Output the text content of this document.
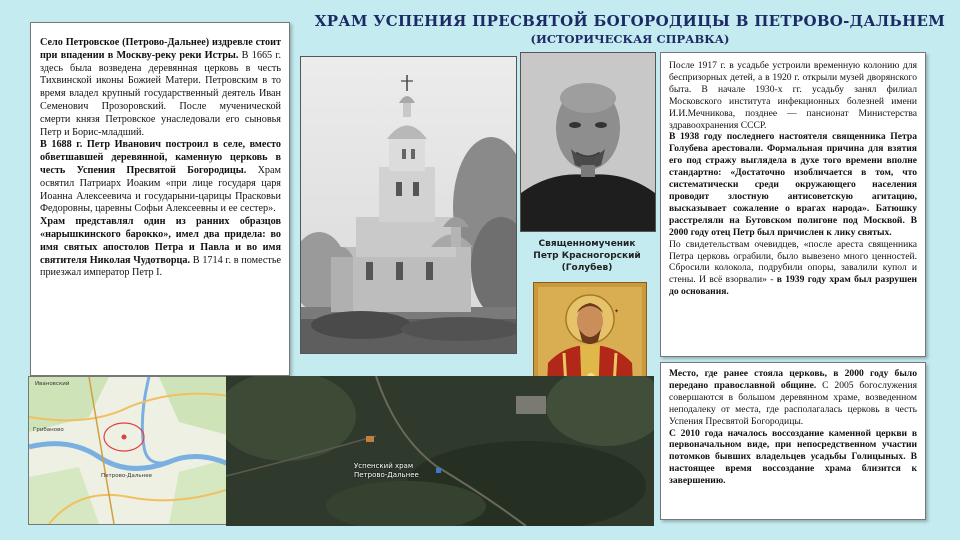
ХРАМ УСПЕНИЯ ПРЕСВЯТОЙ БОГОРОДИЦЫ В ПЕТРОВО-ДАЛЬНЕМ
(ИСТОРИЧЕСКАЯ СПРАВКА)

Село Петровское (Петрово-Дальнее) издревле стоит при впадении в Москву-реку реки Истры. В 1665 г. здесь была возведена деревянная церковь в честь Тихвинской иконы Божией Матери. Петровским в то время владел крупный государственный деятель Иван Семенович Прозоровский. После мученической смерти князя Петровское унаследовали его сыновья Петр и Борис-младший.

В 1688 г. Петр Иванович построил в селе, вместо обветшавшей деревянной, каменную церковь в честь Успения Пресвятой Богородицы. Храм освятил Патриарх Иоаким «при лице государя царя Иоанна Алексеевича и государыни-царицы Прасковьи Федоровны, царевны Софьи Алексеевны и ее сестер».

Храм представлял один из ранних образцов «нарышкинского барокко», имел два придела: во имя святых апостолов Петра и Павла и во имя святителя Николая Чудотворца. В 1714 г. в поместье приезжал император Петр I.

Священномученик
Петр Красногорский
(Голубев)
✦

После 1917 г. в усадьбе устроили временную колонию для беспризорных детей, а в 1920 г. открыли музей дворянского быта. В начале 1930-х гг. усадьбу занял филиал Московского института инфекционных болезней имени И.И.Мечникова, позднее — пансионат Министерства здравоохранения СССР.

В 1938 году последнего настоятеля священника Петра Голубева арестовали. Формальная причина для взятия его под стражу выглядела в духе того времени вполне стандартно: «Достаточно изобличается в том, что систематически среди окружающего населения проводит злостную антисоветскую агитацию, высказывает сожаление о врагах народа». Батюшку расстреляли на Бутовском полигоне под Москвой. В 2000 году отец Петр был причислен к лику святых.

По свидетельствам очевидцев, «после ареста священника Петра церковь ограбили, было вывезено много ценностей. Сбросили колокола, подрубили опоры, завалили купол и стены. И всё взорвали» - в 1939 году храм был разрушен до основания.

Место, где ранее стояла церковь, в 2000 году было передано православной общине. С 2005 богослужения совершаются в большом деревянном храме, возведенном неподалеку от места, где располагалась церковь в честь Успения Пресвятой Богородицы.

С 2010 года началось воссоздание каменной церкви в первоначальном виде, при непосредственном участии потомков бывших владельцев усадьбы Голицыных. В настоящее время воссоздание храма близится к завершению.

Ивановский
Петрово-Дальнее
Грибаново
Успенский храм
Петрово-Дальнее
